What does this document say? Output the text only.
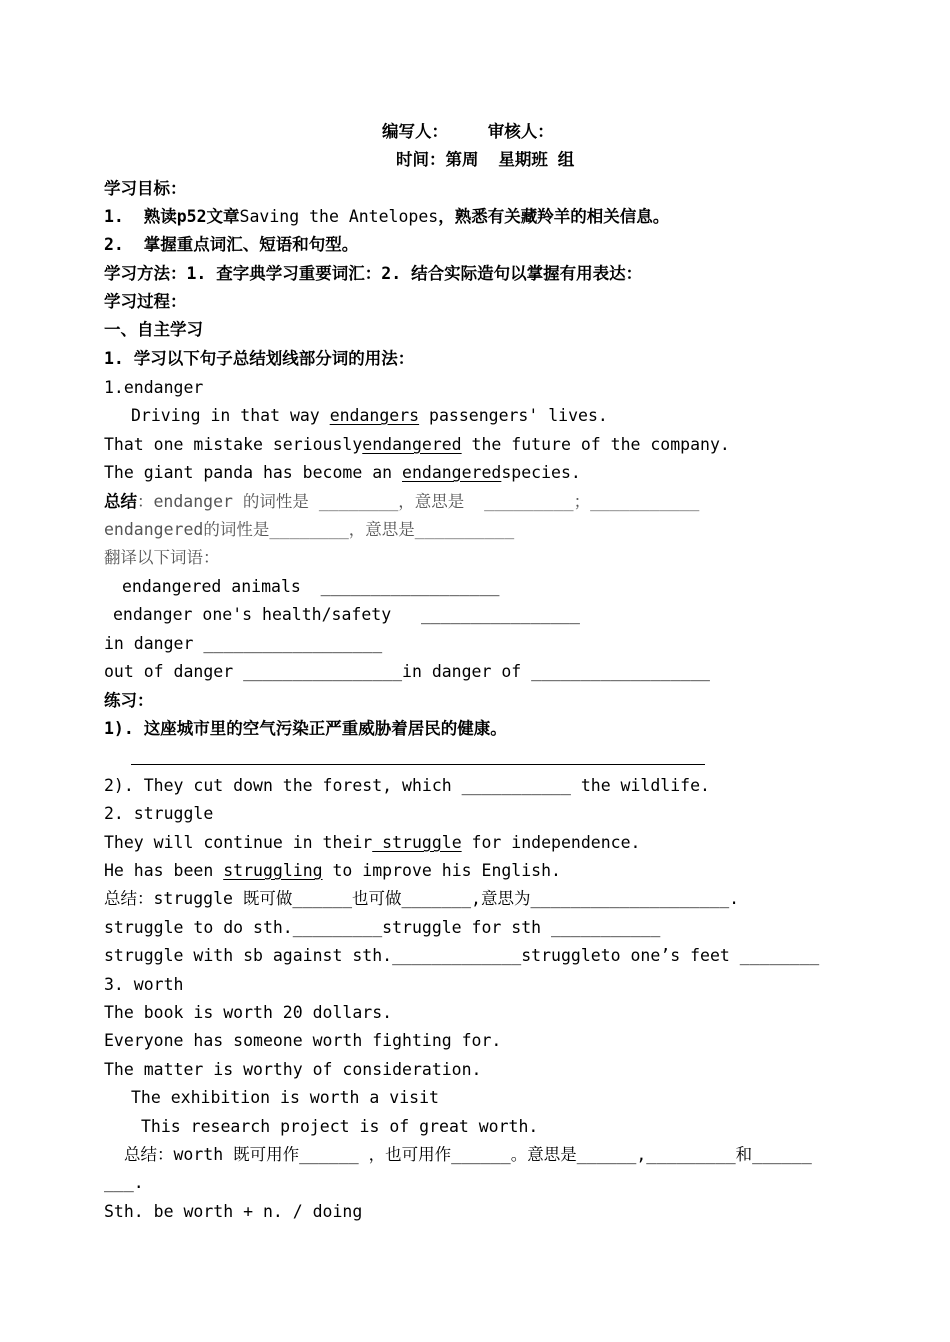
编写人：    审核人：
时间：第周  星期班 组
学习目标：
1.  熟读p52文章Saving the Antelopes，熟悉有关藏羚羊的相关信息。
2.  掌握重点词汇、短语和句型。
学习方法：1. 查字典学习重要词汇：2. 结合实际造句以掌握有用表达：
学习过程：
一、自主学习
1. 学习以下句子总结划线部分词的用法：
1.endanger
Driving in that way endangers passengers' lives.
That one mistake seriouslyendangered the future of the company.
The giant panda has become an endangeredspecies.
总结：endanger 的词性是 ________，意思是  _________；___________
endangered的词性是________，意思是__________
翻译以下词语：
endangered animals  __________________
endanger one's health/safety   ________________
in danger __________________
out of danger ________________in danger of __________________
练习：
1). 这座城市里的空气污染正严重威胁着居民的健康。
2). They cut down the forest, which ___________ the wildlife.
2. struggle
They will continue in their struggle for independence.
He has been struggling to improve his English.
总结：struggle 既可做______也可做_______,意思为____________________.
struggle to do sth._________struggle for sth ___________
struggle with sb against sth._____________struggleto one’s feet ________
3. worth
The book is worth 20 dollars.
Everyone has someone worth fighting for.
The matter is worthy of consideration.
The exhibition is worth a visit
This research project is of great worth.
总结：worth 既可用作______ ，也可用作______。意思是______,_________和______
___.
Sth. be worth + n. / doing
